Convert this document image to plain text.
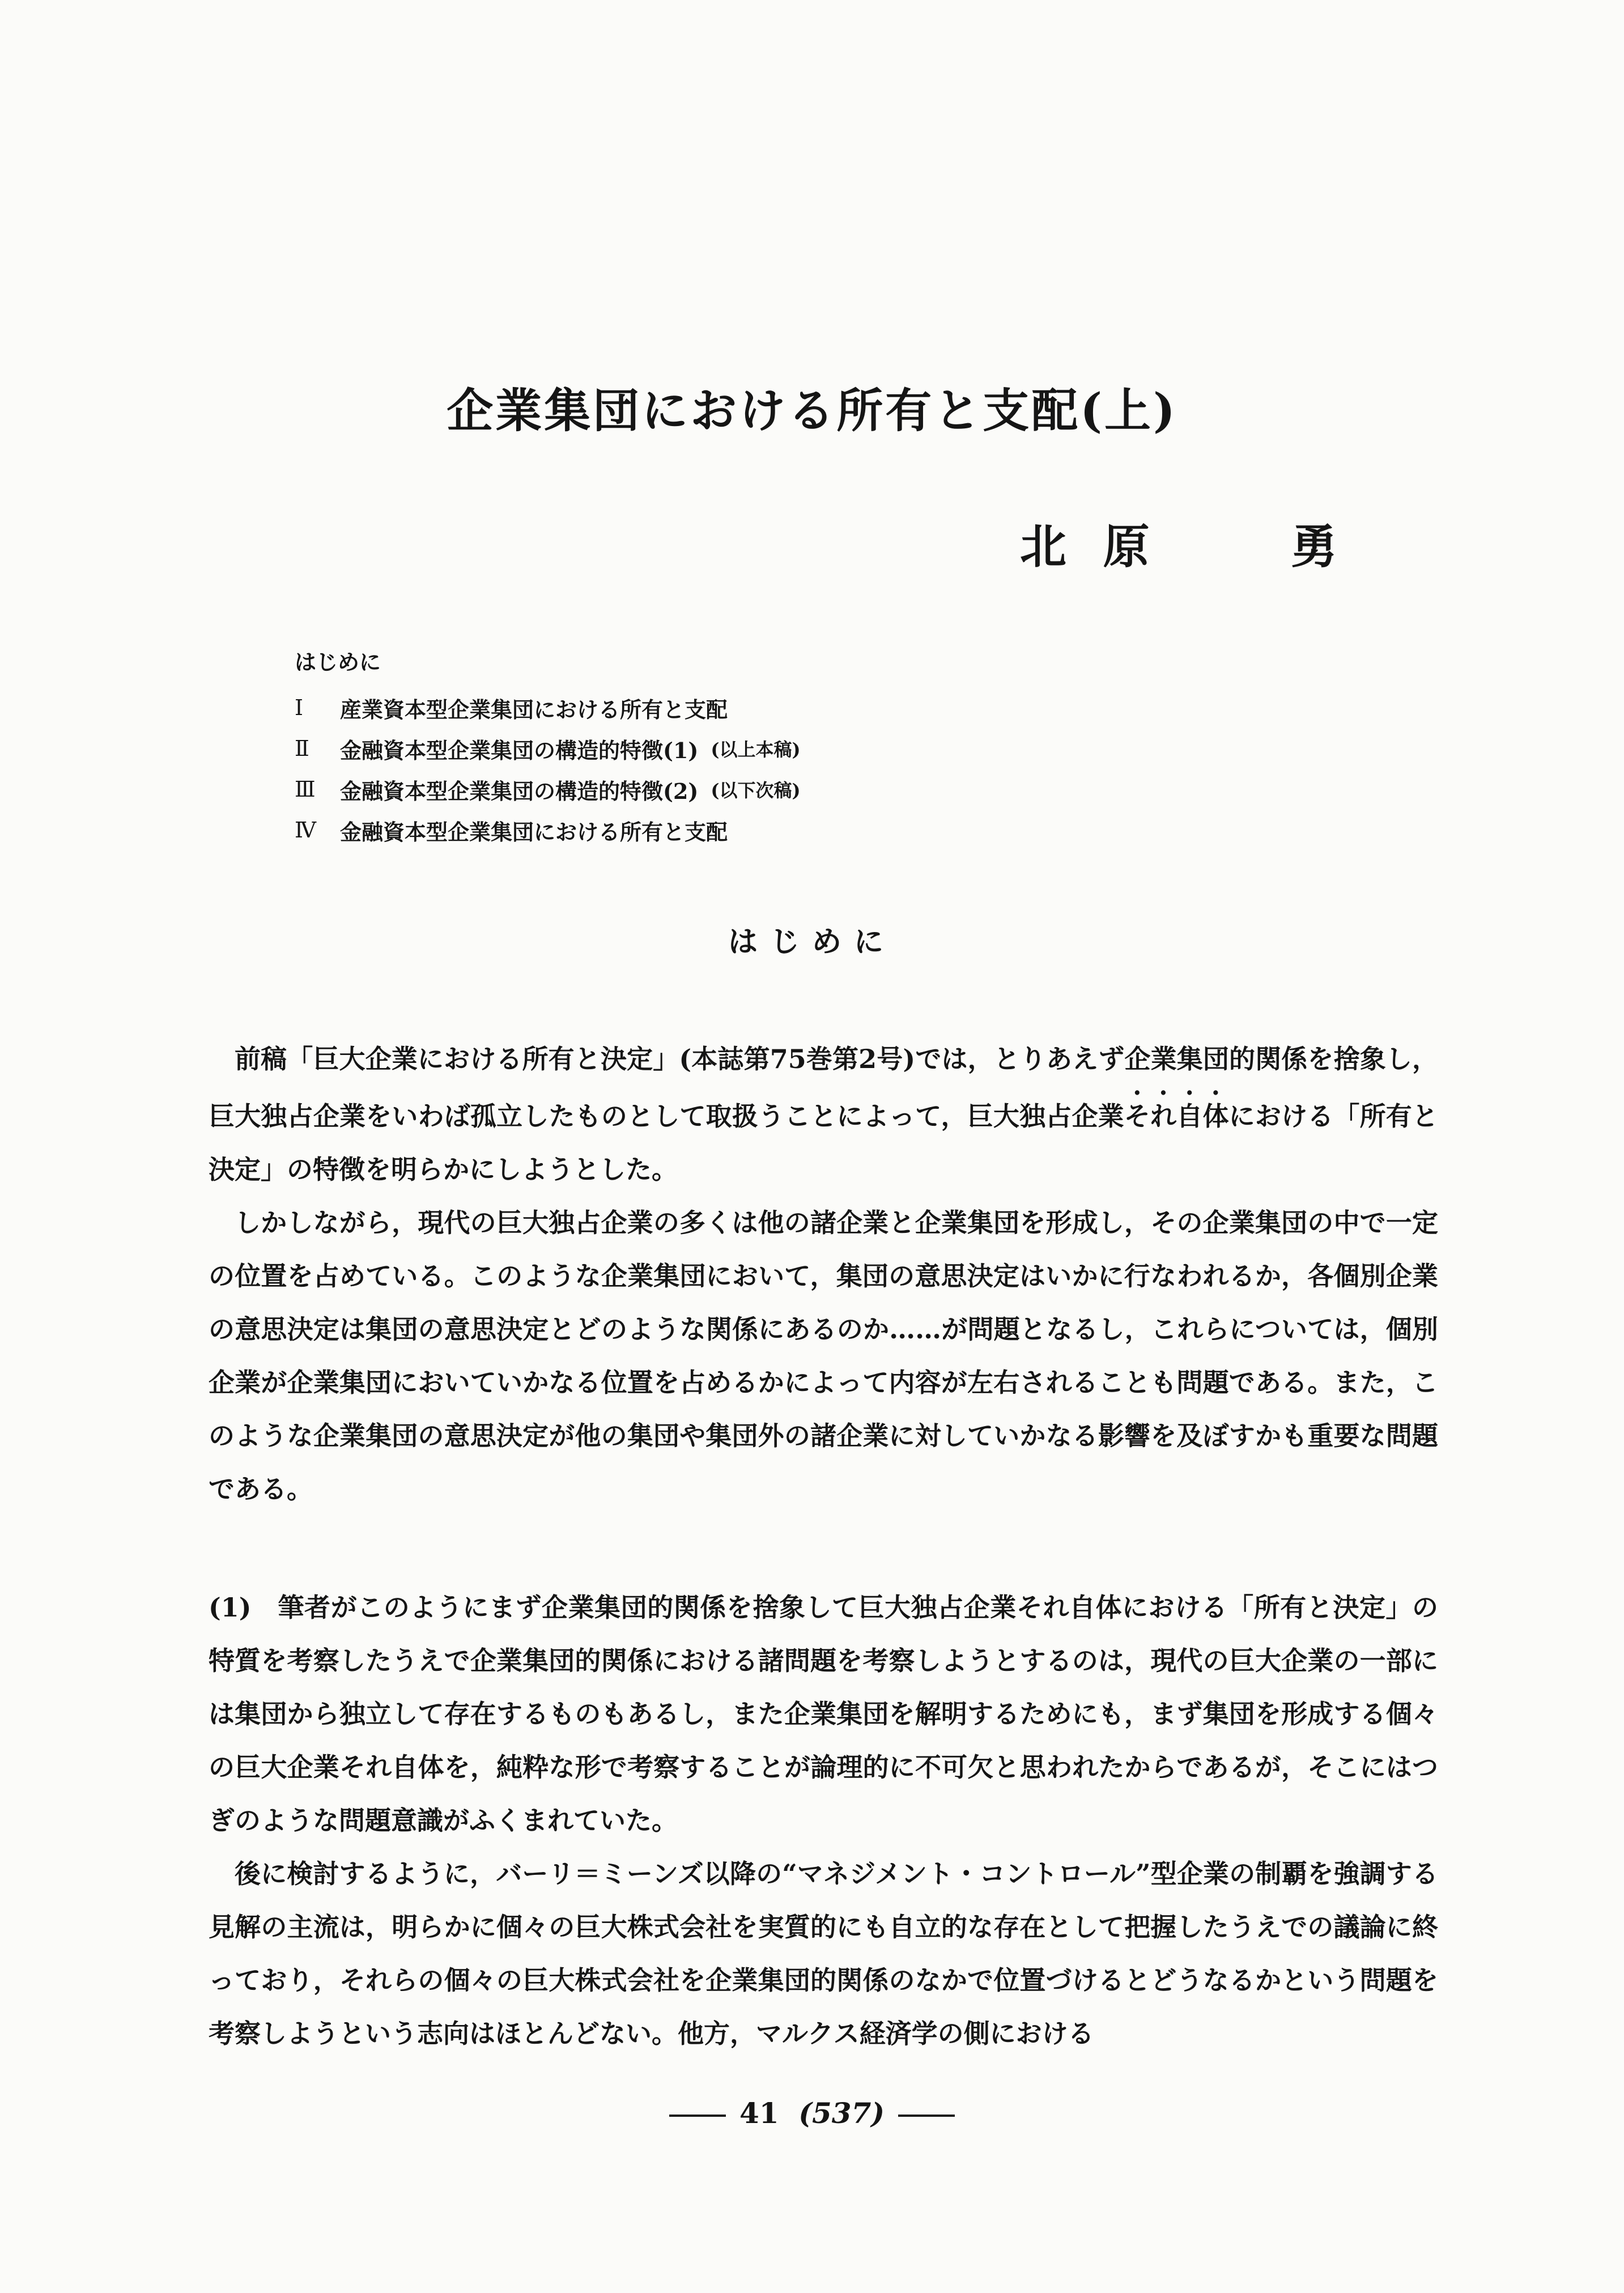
企業集団における所有と支配(上)
北 原	勇
はじめに
Ⅰ	産業資本型企業集団における所有と支配
Ⅱ	金融資本型企業集団の構造的特徴(1) (以上本稿)
Ⅲ	金融資本型企業集団の構造的特徴(2) (以下次稿)
Ⅳ	金融資本型企業集団における所有と支配
はじめに

前稿「巨大企業における所有と決定」(本誌第75巻第2号)では，とりあえず企業集団的関係を捨象し，巨大独占企業をいわば孤立したものとして取扱うことによって，巨大独占企業それ自体における「所有と決定」の特徴を明らかにしようとした。

しかしながら，現代の巨大独占企業の多くは他の諸企業と企業集団を形成し，その企業集団の中で一定の位置を占めている。このような企業集団において，集団の意思決定はいかに行なわれるか，各個別企業の意思決定は集団の意思決定とどのような関係にあるのか……が問題となるし，これらについては，個別企業が企業集団においていかなる位置を占めるかによって内容が左右されることも問題である。また，このような企業集団の意思決定が他の集団や集団外の諸企業に対していかなる影響を及ぼすかも重要な問題である。

(1)　筆者がこのようにまず企業集団的関係を捨象して巨大独占企業それ自体における「所有と決定」の特質を考察したうえで企業集団的関係における諸問題を考察しようとするのは，現代の巨大企業の一部には集団から独立して存在するものもあるし，また企業集団を解明するためにも，まず集団を形成する個々の巨大企業それ自体を，純粋な形で考察することが論理的に不可欠と思われたからであるが，そこにはつぎのような問題意識がふくまれていた。

後に検討するように，バーリ＝ミーンズ以降の“マネジメント・コントロール”型企業の制覇を強調する見解の主流は，明らかに個々の巨大株式会社を実質的にも自立的な存在として把握したうえでの議論に終っており，それらの個々の巨大株式会社を企業集団的関係のなかで位置づけるとどうなるかという問題を考察しようという志向はほとんどない。他方，マルクス経済学の側における

41 (537)
